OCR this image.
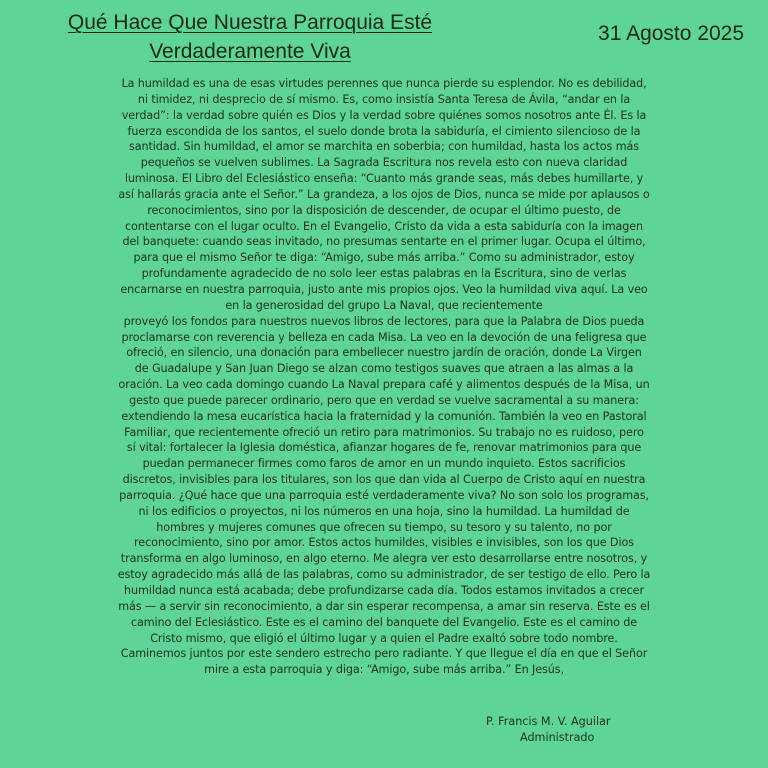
Qué Hace Que Nuestra Parroquia Esté
Verdaderamente Viva
31 Agosto 2025
La humildad es una de esas virtudes perennes que nunca pierde su esplendor. No es debilidad,
ni timidez, ni desprecio de sí mismo. Es, como insistía Santa Teresa de Ávila, “andar en la
verdad”: la verdad sobre quién es Dios y la verdad sobre quiénes somos nosotros ante Él. Es la
fuerza escondida de los santos, el suelo donde brota la sabiduría, el cimiento silencioso de la
santidad. Sin humildad, el amor se marchita en soberbia; con humildad, hasta los actos más
pequeños se vuelven sublimes. La Sagrada Escritura nos revela esto con nueva claridad
luminosa. El Libro del Eclesiástico enseña: “Cuanto más grande seas, más debes humillarte, y
así hallarás gracia ante el Señor.” La grandeza, a los ojos de Dios, nunca se mide por aplausos o
reconocimientos, sino por la disposición de descender, de ocupar el último puesto, de
contentarse con el lugar oculto. En el Evangelio, Cristo da vida a esta sabiduría con la imagen
del banquete: cuando seas invitado, no presumas sentarte en el primer lugar. Ocupa el último,
para que el mismo Señor te diga: “Amigo, sube más arriba.” Como su administrador, estoy
profundamente agradecido de no solo leer estas palabras en la Escritura, sino de verlas
encarnarse en nuestra parroquia, justo ante mis propios ojos. Veo la humildad viva aquí. La veo
en la generosidad del grupo La Naval, que recientemente
proveyó los fondos para nuestros nuevos libros de lectores, para que la Palabra de Dios pueda
proclamarse con reverencia y belleza en cada Misa. La veo en la devoción de una feligresa que
ofreció, en silencio, una donación para embellecer nuestro jardín de oración, donde La Virgen
de Guadalupe y San Juan Diego se alzan como testigos suaves que atraen a las almas a la
oración. La veo cada domingo cuando La Naval prepara café y alimentos después de la Misa, un
gesto que puede parecer ordinario, pero que en verdad se vuelve sacramental a su manera:
extendiendo la mesa eucarística hacia la fraternidad y la comunión. También la veo en Pastoral
Familiar, que recientemente ofreció un retiro para matrimonios. Su trabajo no es ruidoso, pero
sí vital: fortalecer la Iglesia doméstica, afianzar hogares de fe, renovar matrimonios para que
puedan permanecer firmes como faros de amor en un mundo inquieto. Estos sacrificios
discretos, invisibles para los titulares, son los que dan vida al Cuerpo de Cristo aquí en nuestra
parroquia. ¿Qué hace que una parroquia esté verdaderamente viva? No son solo los programas,
ni los edificios o proyectos, ni los números en una hoja, sino la humildad. La humildad de
hombres y mujeres comunes que ofrecen su tiempo, su tesoro y su talento, no por
reconocimiento, sino por amor. Estos actos humildes, visibles e invisibles, son los que Dios
transforma en algo luminoso, en algo eterno. Me alegra ver esto desarrollarse entre nosotros, y
estoy agradecido más allá de las palabras, como su administrador, de ser testigo de ello. Pero la
humildad nunca está acabada; debe profundizarse cada día. Todos estamos invitados a crecer
más — a servir sin reconocimiento, a dar sin esperar recompensa, a amar sin reserva. Este es el
camino del Eclesiástico. Este es el camino del banquete del Evangelio. Este es el camino de
Cristo mismo, que eligió el último lugar y a quien el Padre exaltó sobre todo nombre.
Caminemos juntos por este sendero estrecho pero radiante. Y que llegue el día en que el Señor
mire a esta parroquia y diga: “Amigo, sube más arriba.” En Jesús,
P. Francis M. V. Aguilar
Administrado
